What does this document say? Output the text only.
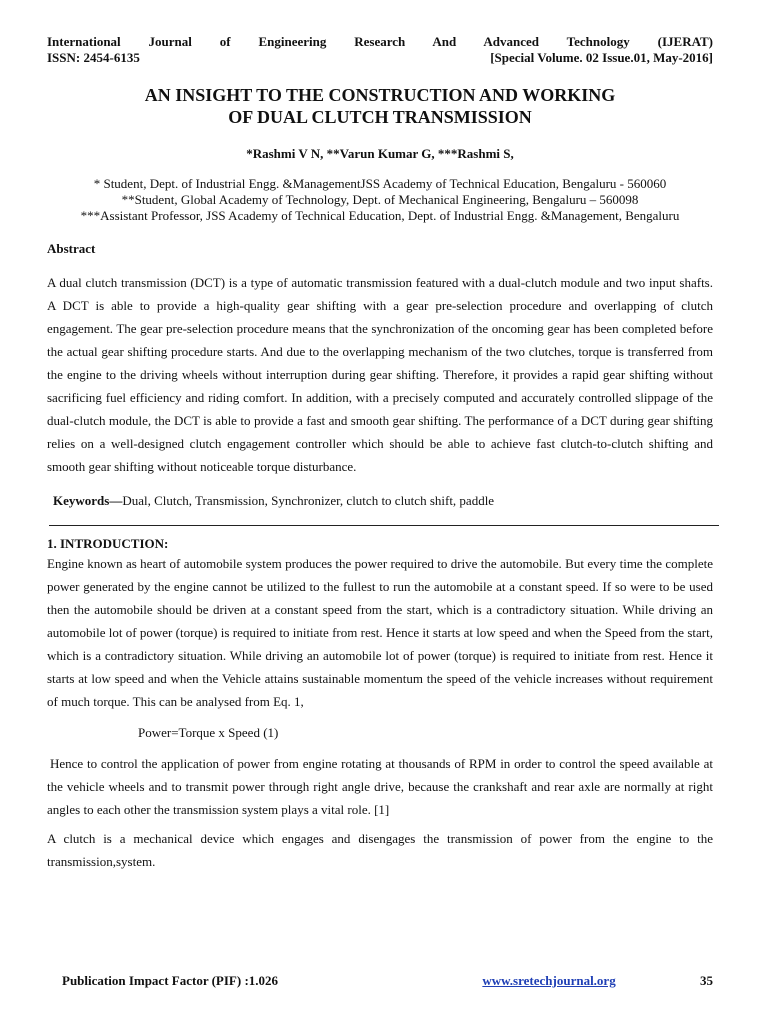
International Journal of Engineering Research And Advanced Technology (IJERAT)
ISSN: 2454-6135	[Special Volume. 02 Issue.01, May-2016]
AN INSIGHT TO THE CONSTRUCTION AND WORKING
OF DUAL CLUTCH TRANSMISSION
*Rashmi V N, **Varun Kumar G, ***Rashmi S,
* Student, Dept. of Industrial Engg. &ManagementJSS Academy of Technical Education, Bengaluru - 560060
**Student, Global Academy of Technology, Dept. of Mechanical Engineering, Bengaluru – 560098
***Assistant Professor, JSS Academy of Technical Education, Dept. of Industrial Engg. &Management, Bengaluru
Abstract

A dual clutch transmission (DCT) is a type of automatic transmission featured with a dual-clutch module and two input shafts. A DCT is able to provide a high-quality gear shifting with a gear pre-selection procedure and overlapping of clutch engagement. The gear pre-selection procedure means that the synchronization of the oncoming gear has been completed before the actual gear shifting procedure starts. And due to the overlapping mechanism of the two clutches, torque is transferred from the engine to the driving wheels without interruption during gear shifting. Therefore, it provides a rapid gear shifting without sacrificing fuel efficiency and riding comfort. In addition, with a precisely computed and accurately controlled slippage of the dual-clutch module, the DCT is able to provide a fast and smooth gear shifting. The performance of a DCT during gear shifting relies on a well-designed clutch engagement controller which should be able to achieve fast clutch-to-clutch shifting and smooth gear shifting without noticeable torque disturbance.

Keywords—Dual, Clutch, Transmission, Synchronizer, clutch to clutch shift, paddle
1. INTRODUCTION:

Engine known as heart of automobile system produces the power required to drive the automobile. But every time the complete power generated by the engine cannot be utilized to the fullest to run the automobile at a constant speed. If so were to be used then the automobile should be driven at a constant speed from the start, which is a contradictory situation. While driving an automobile lot of power (torque) is required to initiate from rest. Hence it starts at low speed and when the Speed from the start, which is a contradictory situation. While driving an automobile lot of power (torque) is required to initiate from rest. Hence it starts at low speed and when the Vehicle attains sustainable momentum the speed of the vehicle increases without requirement of much torque. This can be analysed from Eq. 1,

Power=Torque x Speed (1)

Hence to control the application of power from engine rotating at thousands of RPM in order to control the speed available at the vehicle wheels and to transmit power through right angle drive, because the crankshaft and rear axle are normally at right angles to each other the transmission system plays a vital role. [1]

A clutch is a mechanical device which engages and disengages the transmission of power from the engine to the transmission,system.

Publication Impact Factor (PIF) :1.026	www.sretechjournal.org	35
